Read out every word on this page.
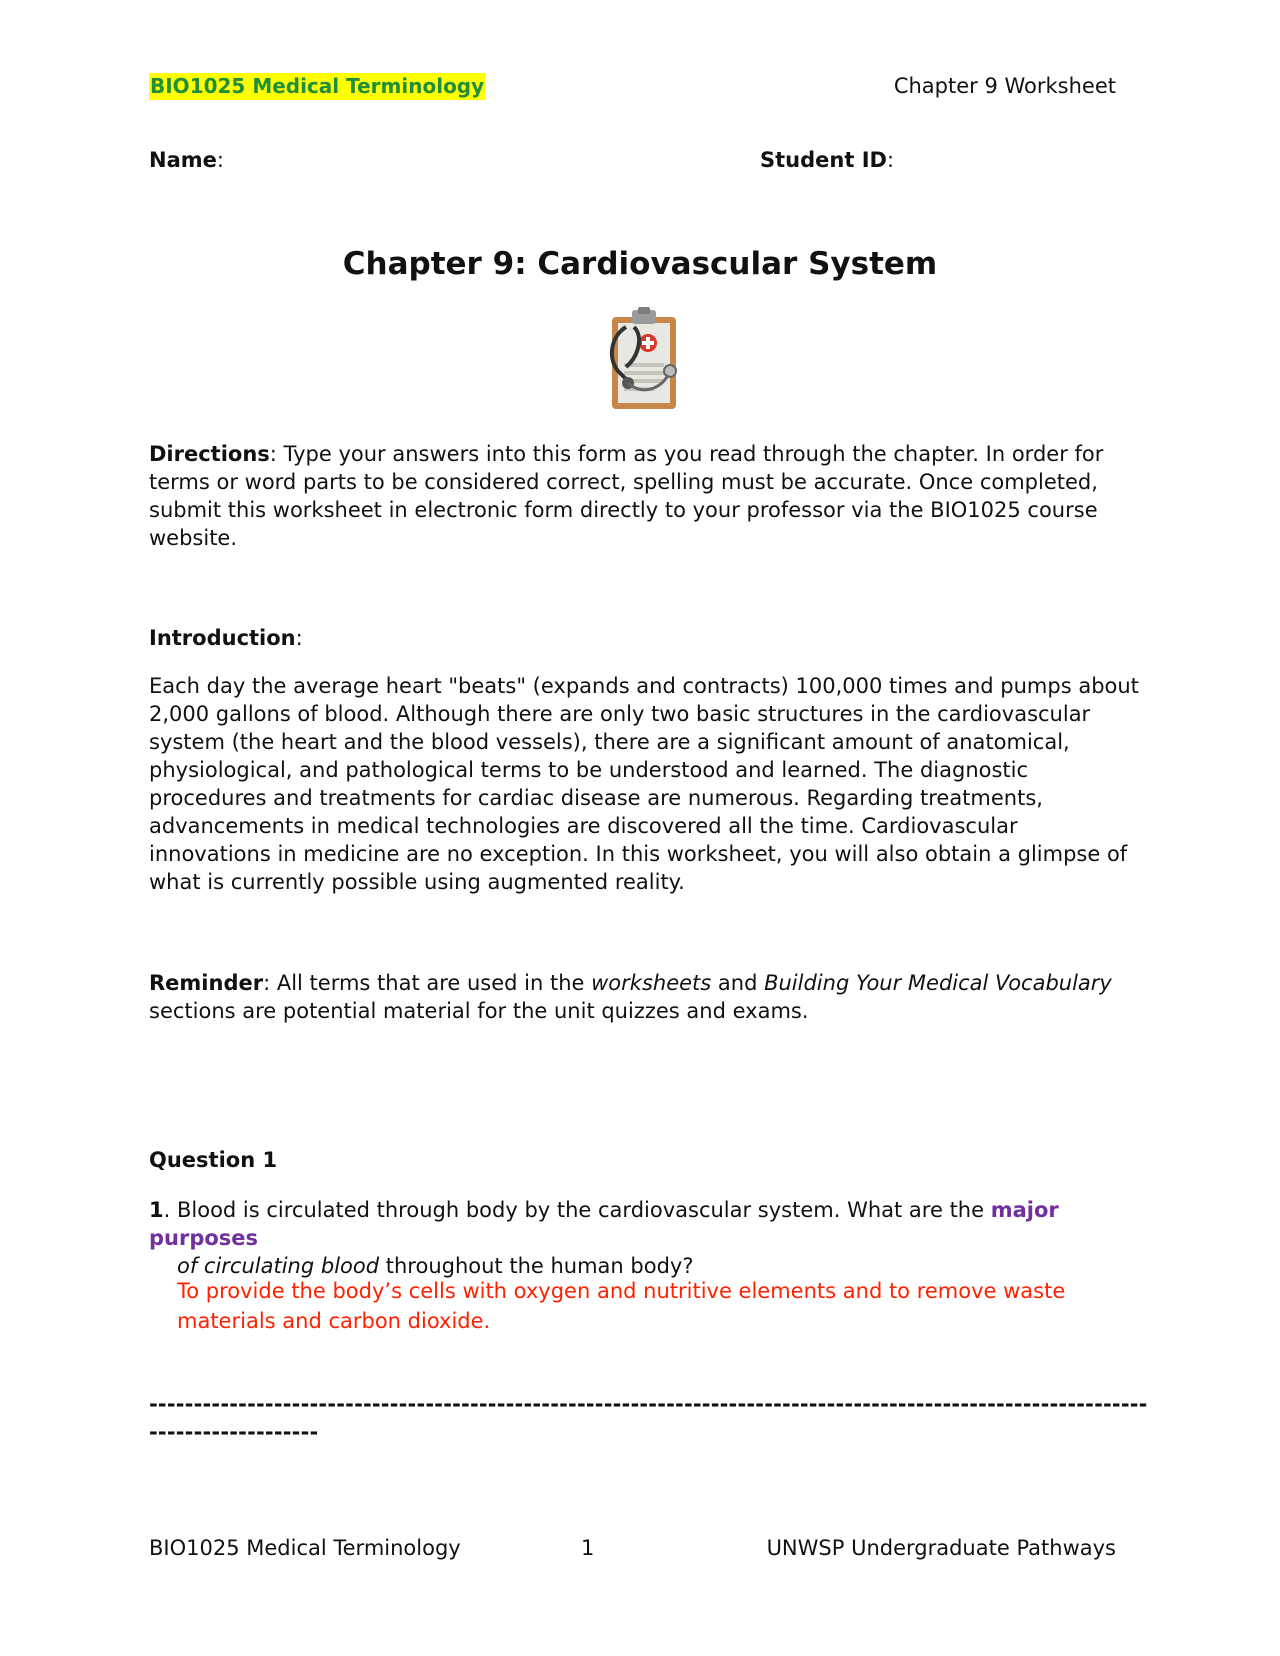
BIO1025 Medical Terminology	Chapter 9 Worksheet
Name:	Student ID:
Chapter 9: Cardiovascular System
Directions: Type your answers into this form as you read through the chapter. In order for terms or word parts to be considered correct, spelling must be accurate. Once completed, submit this worksheet in electronic form directly to your professor via the BIO1025 course website.
Introduction:
Each day the average heart "beats" (expands and contracts) 100,000 times and pumps about 2,000 gallons of blood. Although there are only two basic structures in the cardiovascular system (the heart and the blood vessels), there are a significant amount of anatomical, physiological, and pathological terms to be understood and learned. The diagnostic procedures and treatments for cardiac disease are numerous. Regarding treatments, advancements in medical technologies are discovered all the time. Cardiovascular innovations in medicine are no exception. In this worksheet, you will also obtain a glimpse of what is currently possible using augmented reality.
Reminder: All terms that are used in the worksheets and Building Your Medical Vocabulary sections are potential material for the unit quizzes and exams.
Question 1
1. Blood is circulated through body by the cardiovascular system. What are the major purposes
of circulating blood throughout the human body?
To provide the body’s cells with oxygen and nutritive elements and to remove waste materials and carbon dioxide.
-----------------------------------------------------------------------------------------------------------------------------------
BIO1025 Medical Terminology	1	UNWSP Undergraduate Pathways
